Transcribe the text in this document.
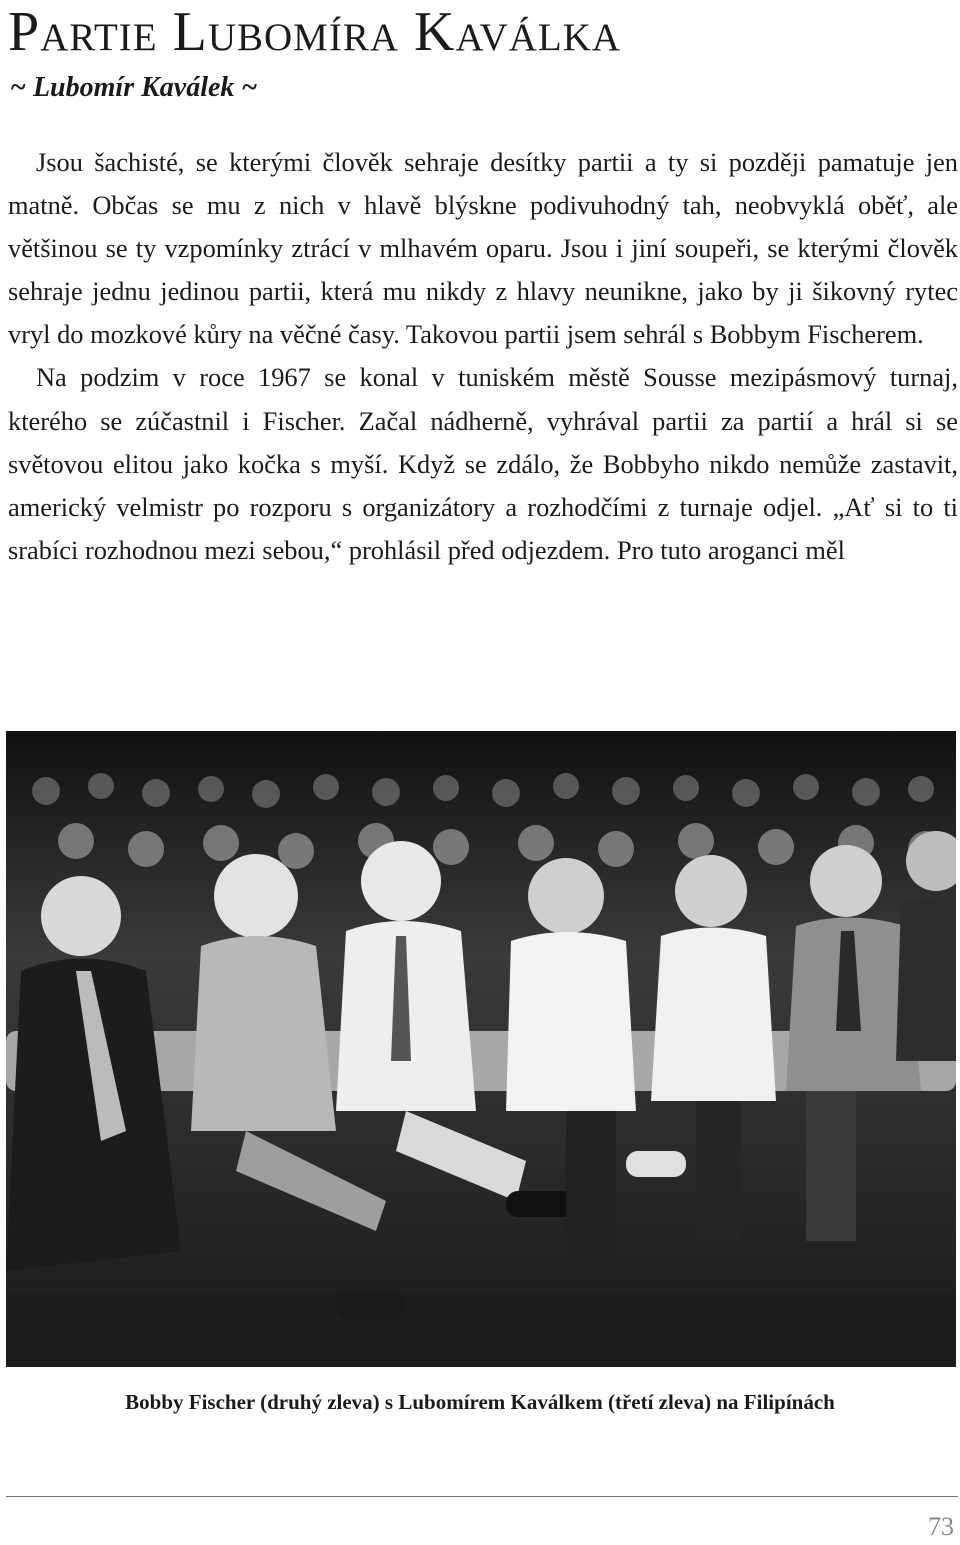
Partie Lubomíra Kaválka
~ Lubomír Kaválek ~

Jsou šachisté, se kterými člověk sehraje desítky partii a ty si později pamatuje jen matně. Občas se mu z nich v hlavě blýskne podivuhodný tah, neobvyklá oběť, ale většinou se ty vzpomínky ztrácí v mlhavém oparu. Jsou i jiní soupeři, se kterými člověk sehraje jednu jedinou partii, která mu nikdy z hlavy neunikne, jako by ji šikovný rytec vryl do mozkové kůry na věčné časy. Takovou partii jsem sehrál s Bobbym Fischerem.

Na podzim v roce 1967 se konal v tuniském městě Sousse mezipásmový turnaj, kterého se zúčastnil i Fischer. Začal nádherně, vyhrával partii za partií a hrál si se světovou elitou jako kočka s myší. Když se zdálo, že Bobbyho nikdo nemůže zastavit, americký velmistr po rozporu s organizátory a rozhodčími z turnaje odjel. „Ať si to ti srabíci rozhodnou mezi sebou,“ prohlásil před odjezdem. Pro tuto aroganci měl

Bobby Fischer (druhý zleva) s Lubomírem Kaválkem (třetí zleva) na Filipínách
73
